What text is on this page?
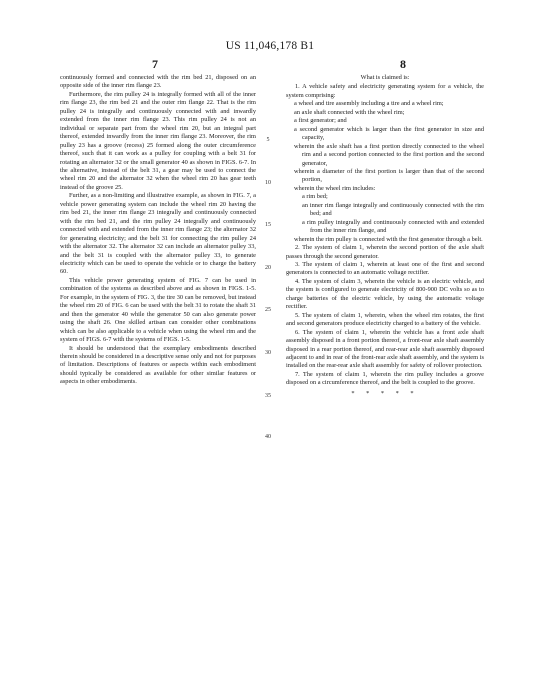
US 11,046,178 B1
7	8

continuously formed and connected with the rim bed 21, disposed on an opposite side of the inner rim flange 23.

Furthermore, the rim pulley 24 is integrally formed with all of the inner rim flange 23, the rim bed 21 and the outer rim flange 22. That is the rim pulley 24 is integrally and continuously connected with and inwardly extended from the inner rim flange 23. This rim pulley 24 is not an individual or separate part from the wheel rim 20, but an integral part thereof, extended inwardly from the inner rim flange 23. Moreover, the rim pulley 23 has a groove (recess) 25 formed along the outer circumference thereof, such that it can work as a pulley for coupling with a belt 31 for rotating an alternator 32 or the small generator 40 as shown in FIGS. 6-7. In the alternative, instead of the belt 31, a gear may be used to connect the wheel rim 20 and the alternator 32 when the wheel rim 20 has gear teeth instead of the groove 25.

Further, as a non-limiting and illustrative example, as shown in FIG. 7, a vehicle power generating system can include the wheel rim 20 having the rim bed 21, the inner rim flange 23 integrally and continuously connected with the rim bed 21, and the rim pulley 24 integrally and continuously connected with and extended from the inner rim flange 23; the alternator 32 for generating electricity; and the belt 31 for connecting the rim pulley 24 with the alternator 32. The alternator 32 can include an alternator pulley 33, and the belt 31 is coupled with the alternator pulley 33, to generate electricity which can be used to operate the vehicle or to charge the battery 60.

This vehicle power generating system of FIG. 7 can be used in combination of the systems as described above and as shown in FIGS. 1-5. For example, in the system of FIG. 3, the tire 30 can be removed, but instead the wheel rim 20 of FIG. 6 can be used with the belt 31 to rotate the shaft 31 and then the generator 40 while the generator 50 can also generate power using the shaft 26. One skilled artisan can consider other combinations which can be also applicable to a vehicle when using the wheel rim and the system of FIGS. 6-7 with the systems of FIGS. 1-5.

It should be understood that the exemplary embodiments described therein should be considered in a descriptive sense only and not for purposes of limitation. Descriptions of features or aspects within each embodiment should typically be considered as available for other similar features or aspects in other embodiments.

5
10
15
20
25
30
35
40

What is claimed is:

1. A vehicle safety and electricity generating system for a vehicle, the system comprising:

a wheel and tire assembly including a tire and a wheel rim;

an axle shaft connected with the wheel rim;

a first generator; and

a second generator which is larger than the first generator in size and capacity,

wherein the axle shaft has a first portion directly connected to the wheel rim and a second portion connected to the first portion and the second generator,

wherein a diameter of the first portion is larger than that of the second portion,

wherein the wheel rim includes:

a rim bed;

an inner rim flange integrally and continuously connected with the rim bed; and

a rim pulley integrally and continuously connected with and extended from the inner rim flange, and

wherein the rim pulley is connected with the first generator through a belt.

2. The system of claim 1, wherein the second portion of the axle shaft passes through the second generator.

3. The system of claim 1, wherein at least one of the first and second generators is connected to an automatic voltage rectifier.

4. The system of claim 3, wherein the vehicle is an electric vehicle, and the system is configured to generate electricity of 800-900 DC volts so as to charge batteries of the electric vehicle, by using the automatic voltage rectifier.

5. The system of claim 1, wherein, when the wheel rim rotates, the first and second generators produce electricity charged to a battery of the vehicle.

6. The system of claim 1, wherein the vehicle has a front axle shaft assembly disposed in a front portion thereof, a front-rear axle shaft assembly disposed in a rear portion thereof, and rear-rear axle shaft assembly disposed adjacent to and in rear of the front-rear axle shaft assembly, and the system is installed on the rear-rear axle shaft assembly for safety of rollover protection.

7. The system of claim 1, wherein the rim pulley includes a groove disposed on a circumference thereof, and the belt is coupled to the groove.

* * * * *
